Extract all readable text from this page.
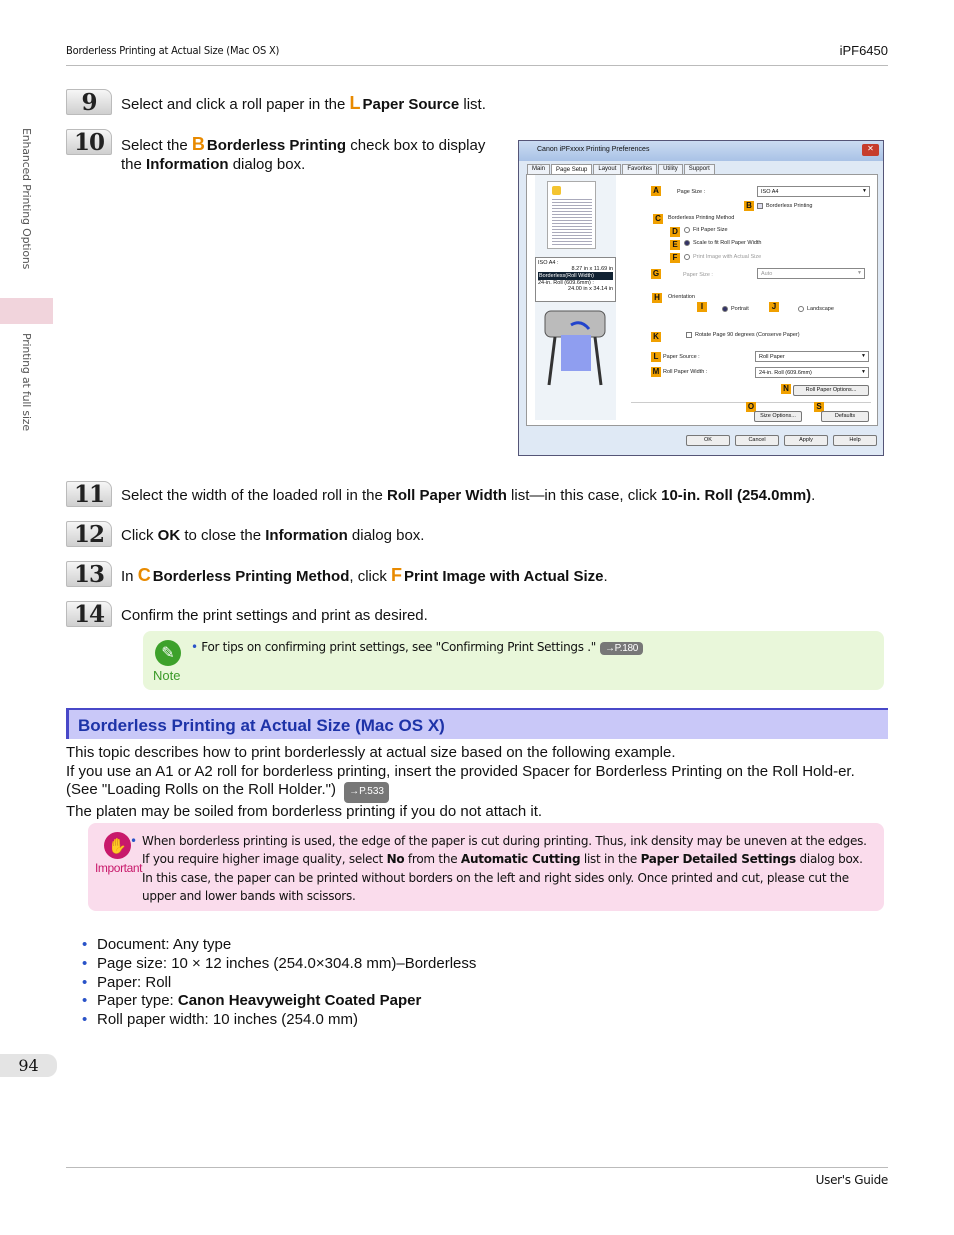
Borderless Printing at Actual Size (Mac OS X)	iPF6450
Enhanced Printing Options
Printing at full size
9	Select and click a roll paper in the L Paper Source list.
10	Select the B Borderless Printing check box to display the Information dialog box.
Canon iPFxxxx Printing Preferences	✕
Main	Page Setup	Layout	Favorites	Utility	Support
ISO A4 :
8.27 in x 11.69 in
Borderless(Roll Width)
24-in. Roll (609.6mm) :
24.00 in x 34.14 in
A	Page Size :	ISO A4 ▼
B	Borderless Printing
C	Borderless Printing Method
D	Fit Paper Size
E	Scale to fit Roll Paper Width
F	Print Image with Actual Size
G	Paper Size :	Auto ▼
H	Orientation
I	Portrait	J	Landscape
K	Rotate Page 90 degrees (Conserve Paper)
L Paper Source :	Roll Paper ▼
M Roll Paper Width :	24-in. Roll (609.6mm) ▼
N	Roll Paper Options...
O
Size Options...
S
Defaults
OK	Cancel	Apply	Help
11	Select the width of the loaded roll in the Roll Paper Width list—in this case, click 10-in. Roll (254.0mm).
12	Click OK to close the Information dialog box.
13	In C Borderless Printing Method, click F Print Image with Actual Size.
14	Confirm the print settings and print as desired.
✎
Note
• For tips on confirming print settings, see "Confirming Print Settings ." →P.180
Borderless Printing at Actual Size (Mac OS X)
This topic describes how to print borderlessly at actual size based on the following example.
If you use an A1 or A2 roll for borderless printing, insert the provided Spacer for Borderless Printing on the Roll Hold-er. (See "Loading Rolls on the Roll Holder.") →P.533
The platen may be soiled from borderless printing if you do not attach it.
✋
Important
• When borderless printing is used, the edge of the paper is cut during printing. Thus, ink density may be uneven at the edges. If you require higher image quality, select No from the Automatic Cutting list in the Paper Detailed Settings dialog box. In this case, the paper can be printed without borders on the left and right sides only. Once printed and cut, please cut the upper and lower bands with scissors.
• Document: Any type
• Page size: 10 × 12 inches (254.0×304.8 mm)–Borderless
• Paper: Roll
• Paper type: Canon Heavyweight Coated Paper
• Roll paper width: 10 inches (254.0 mm)
94
User's Guide
